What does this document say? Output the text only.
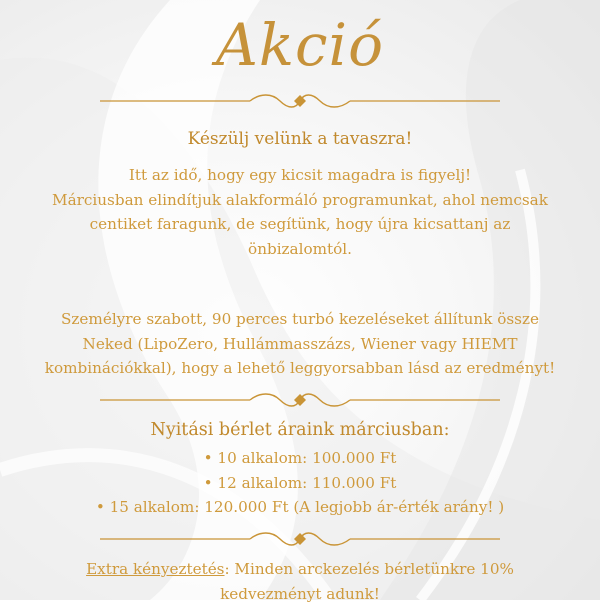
Akció
Készülj velünk a tavaszra!
Itt az idő, hogy egy kicsit magadra is figyelj!
Márciusban elindítjuk alakformáló programunkat, ahol nemcsak
centiket faragunk, de segítünk, hogy újra kicsattanj az
önbizalomtól.
Személyre szabott, 90 perces turbó kezeléseket állítunk össze
Neked (LipoZero, Hullámmasszázs, Wiener vagy HIEMT
kombinációkkal), hogy a lehető leggyorsabban lásd az eredményt!
Nyitási bérlet áraink márciusban:
• 10 alkalom: 100.000 Ft
• 12 alkalom: 110.000 Ft
• 15 alkalom: 120.000 Ft (A legjobb ár-érték arány! )
Extra kényeztetés: Minden arckezelés bérletünkre 10%
kedvezményt adunk!
